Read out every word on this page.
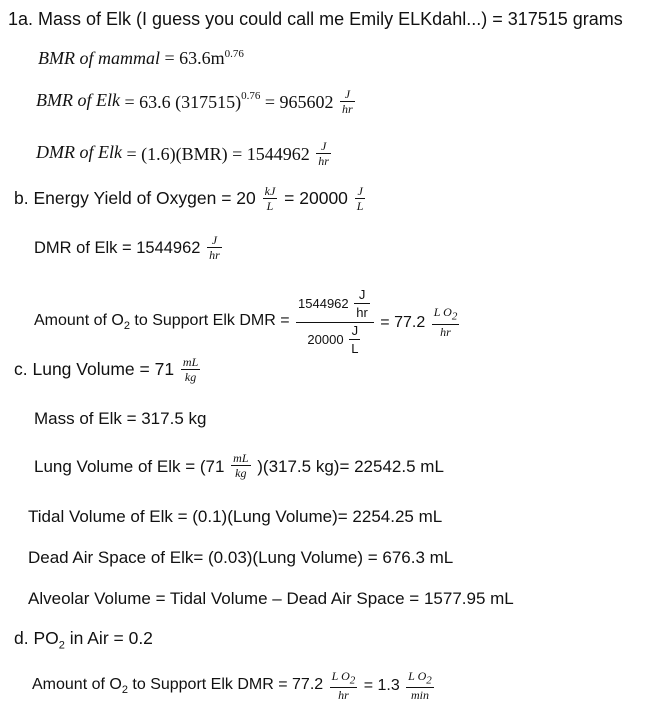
1a. Mass of Elk (I guess you could call me Emily ELKdahl...) = 317515 grams
BMR of mammal = $63.6m^{0.76}$
BMR of Elk = 63.6 $(317515)^{0.76} = 965602 \frac{J}{hr}$
DMR of Elk = $(1.6)(BMR) = 1544962 \frac{J}{hr}$
b. Energy Yield of Oxygen = $20 \frac{kJ}{L} = 20000 \frac{J}{L}$
DMR of Elk = $1544962 \frac{J}{hr}$
Amount of $O_2$ to Support Elk DMR = $\frac{1544962 \frac{J}{hr}}{20000 \frac{J}{L}} = 77.2 \frac{L O_2}{hr}$
c. Lung Volume = $71 \frac{mL}{kg}$
Mass of Elk = 317.5 kg
Lung Volume of Elk = $(71 \frac{mL}{kg} )(317.5$ kg)= 22542.5 mL
Tidal Volume of Elk = (0.1)(Lung Volume)= 2254.25 mL
Dead Air Space of Elk= (0.03)(Lung Volume) = 676.3 mL
Alveolar Volume = Tidal Volume – Dead Air Space = 1577.95 mL
d. $PO_2$ in Air = 0.2
Amount of $O_2$ to Support Elk DMR = $77.2 \frac{L O_2}{hr} = 1.3 \frac{L O_2}{\min}$
